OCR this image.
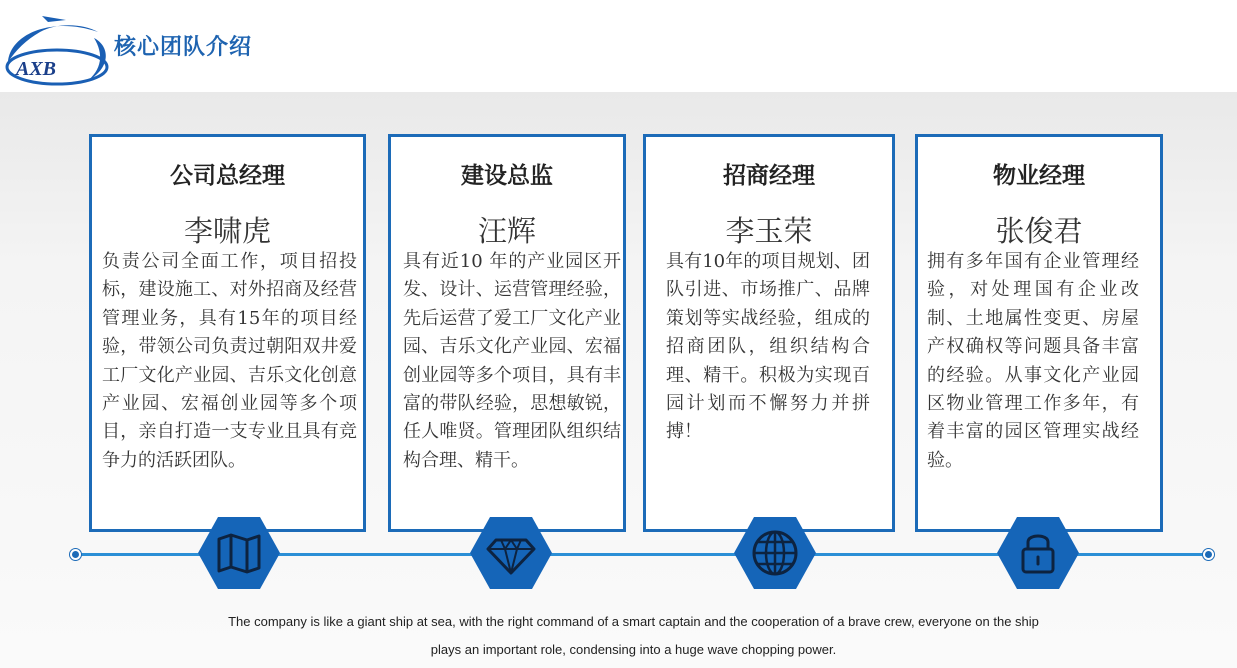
AXB
核心团队介绍
公司总经理
李啸虎
负责公司全面工作，项目招投标，建设施工、对外招商及经营管理业务，具有15年的项目经验，带领公司负责过朝阳双井爱工厂文化产业园、吉乐文化创意产业园、宏福创业园等多个项目，亲自打造一支专业且具有竞争力的活跃团队。
建设总监
汪辉
具有近10 年的产业园区开发、设计、运营管理经验，先后运营了爱工厂文化产业园、吉乐文化产业园、宏福创业园等多个项目，具有丰富的带队经验，思想敏锐，任人唯贤。管理团队组织结构合理、精干。
招商经理
李玉荣
具有10年的项目规划、团队引进、市场推广、品牌策划等实战经验，组成的招商团队，组织结构合理、精干。积极为实现百园计划而不懈努力并拼搏！
物业经理
张俊君
拥有多年国有企业管理经验，对处理国有企业改制、土地属性变更、房屋产权确权等问题具备丰富的经验。从事文化产业园区物业管理工作多年，有着丰富的园区管理实战经验。
The company is like a giant ship at sea, with the right command of a smart captain and the cooperation of a brave crew, everyone on the ship
plays an important role, condensing into a huge wave chopping power.
